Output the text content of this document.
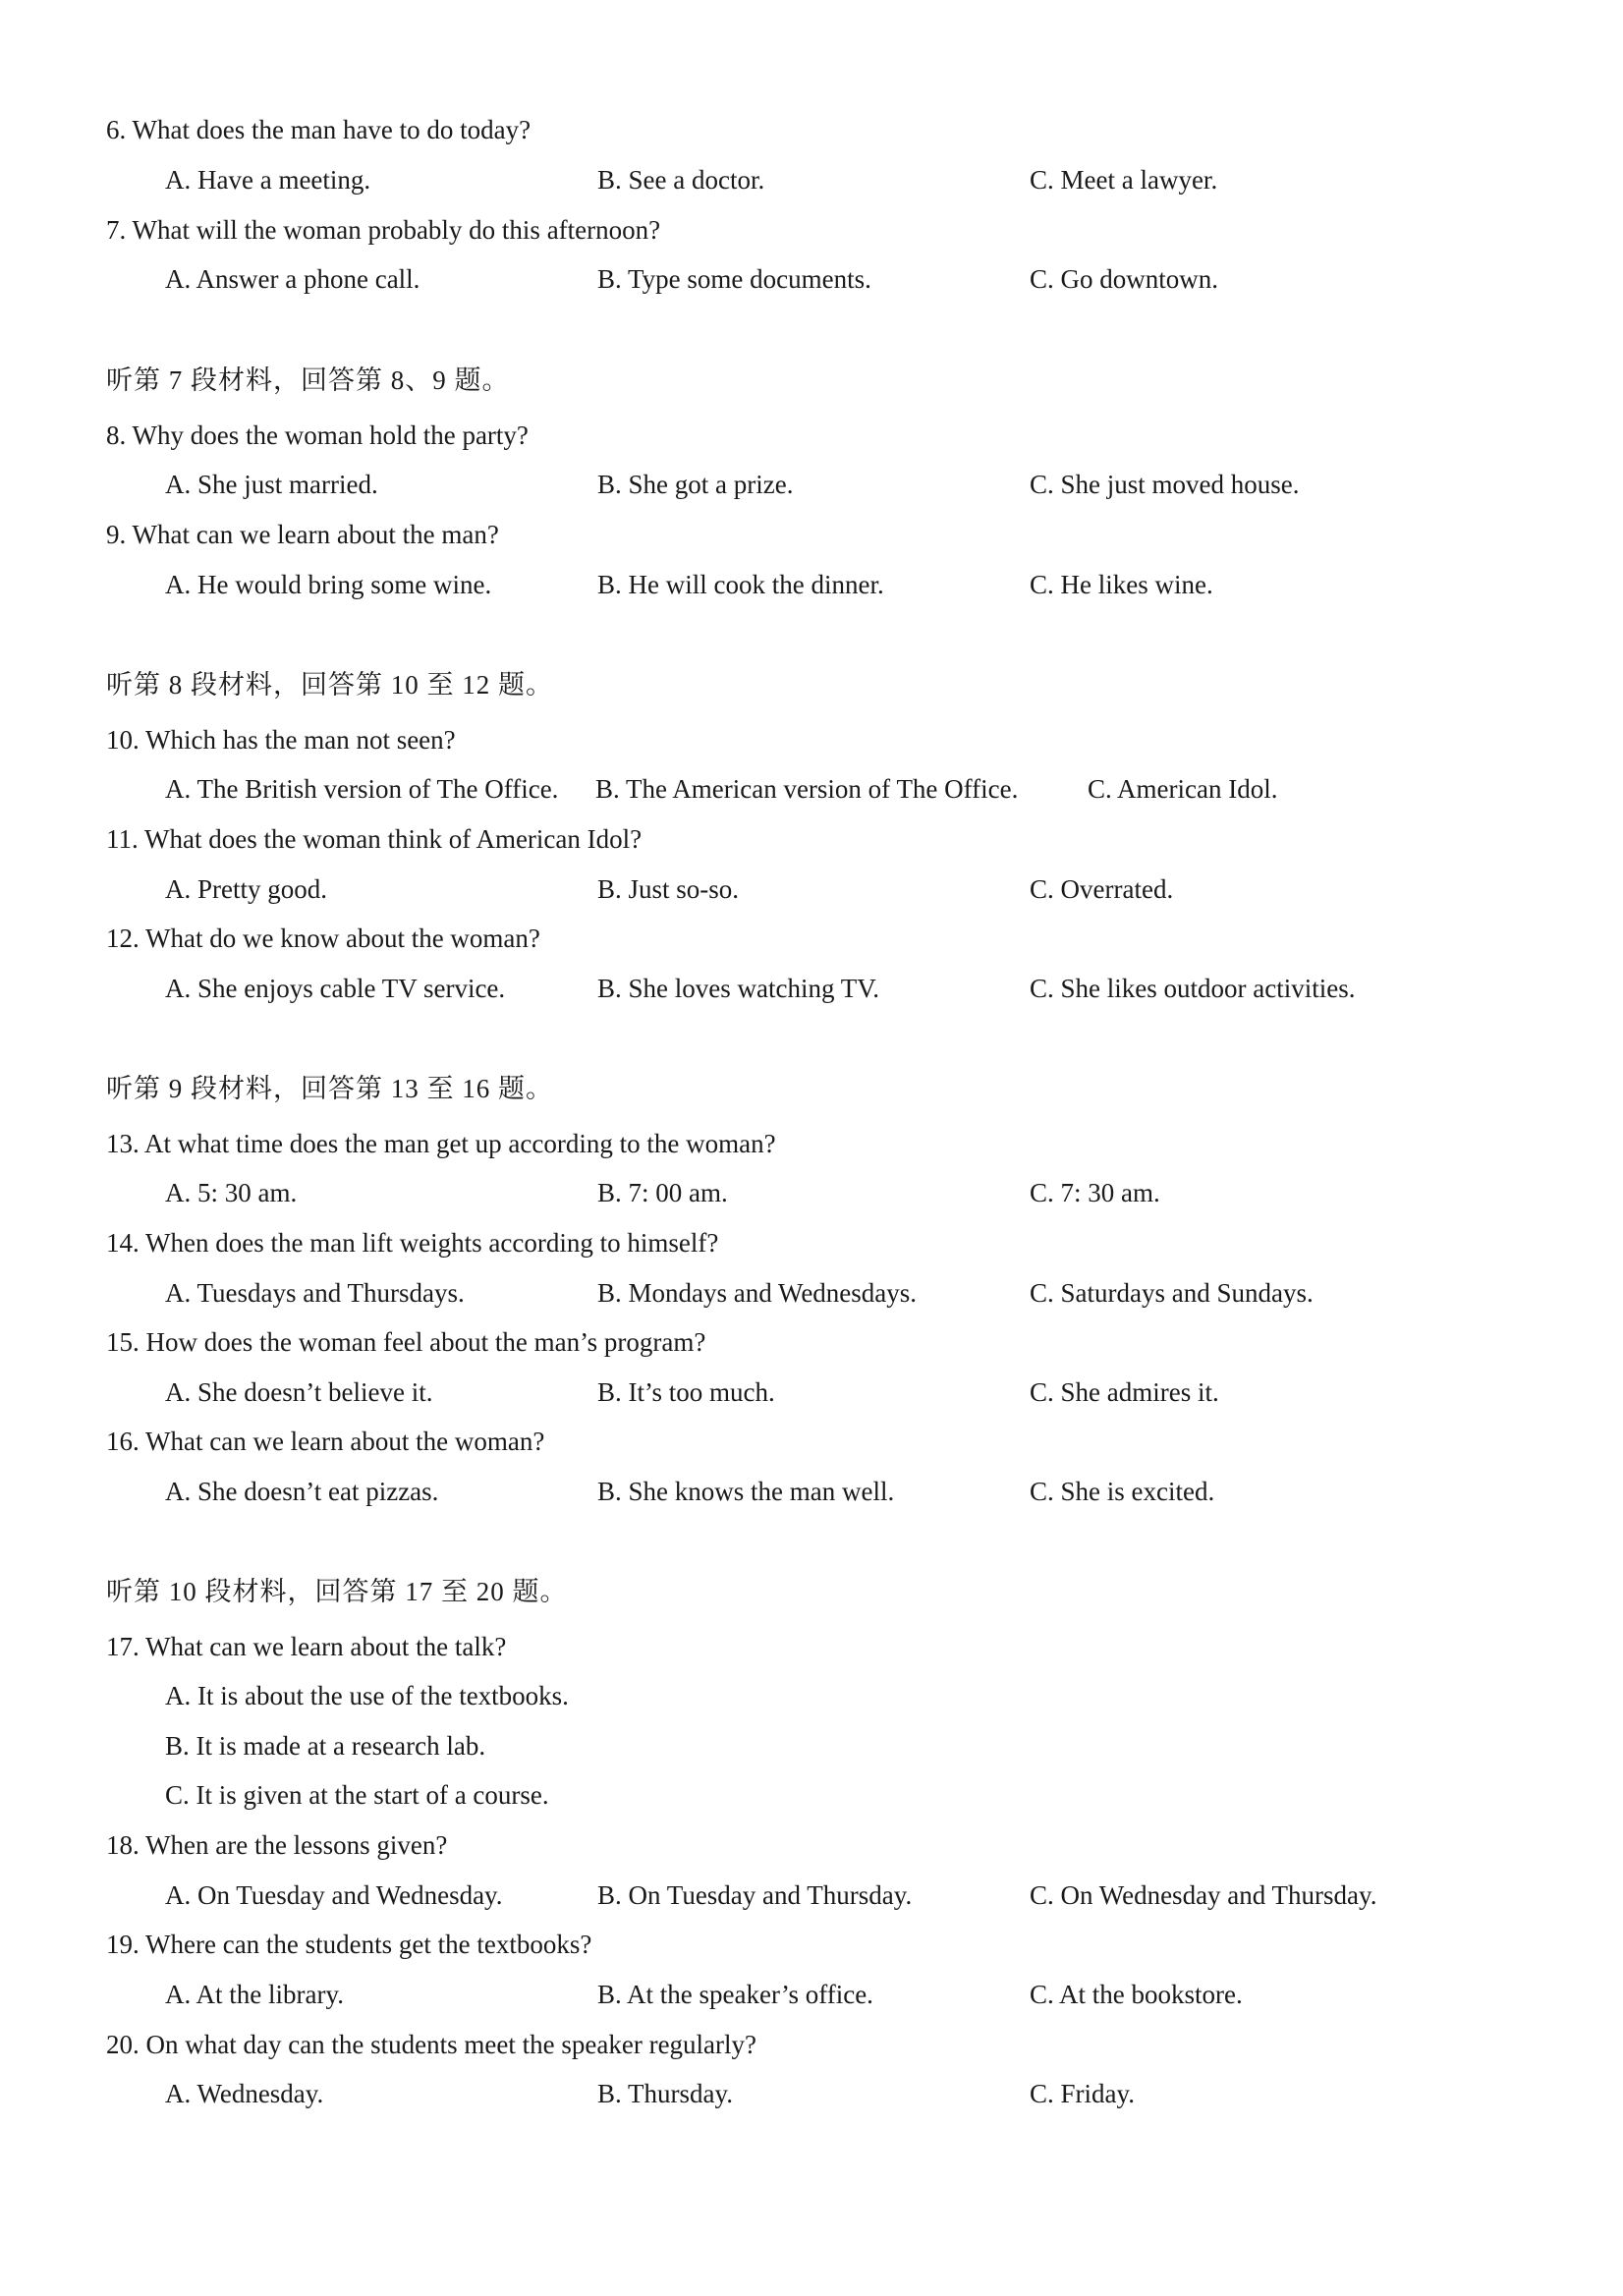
6. What does the man have to do today?
A. Have a meeting.	B. See a doctor.	C. Meet a lawyer.
7. What will the woman probably do this afternoon?
A. Answer a phone call.	B. Type some documents.	C. Go downtown.
听第 7 段材料，回答第 8、9 题。
8. Why does the woman hold the party?
A. She just married.	B. She got a prize.	C. She just moved house.
9. What can we learn about the man?
A. He would bring some wine.	B. He will cook the dinner.	C. He likes wine.
听第 8 段材料，回答第 10 至 12 题。
10. Which has the man not seen?
A. The British version of The Office. B. The American version of The Office.	C. American Idol.
11. What does the woman think of American Idol?
A. Pretty good.	B. Just so-so.	C. Overrated.
12. What do we know about the woman?
A. She enjoys cable TV service.	B. She loves watching TV.	C. She likes outdoor activities.
听第 9 段材料，回答第 13 至 16 题。
13. At what time does the man get up according to the woman?
A. 5: 30 am.	B. 7: 00 am.	C. 7: 30 am.
14. When does the man lift weights according to himself?
A. Tuesdays and Thursdays.	B. Mondays and Wednesdays.	C. Saturdays and Sundays.
15. How does the woman feel about the man’s program?
A. She doesn’t believe it.	B. It’s too much.	C. She admires it.
16. What can we learn about the woman?
A. She doesn’t eat pizzas.	B. She knows the man well.	C. She is excited.
听第 10 段材料，回答第 17 至 20 题。
17. What can we learn about the talk?
A. It is about the use of the textbooks.
B. It is made at a research lab.
C. It is given at the start of a course.
18. When are the lessons given?
A. On Tuesday and Wednesday.	B. On Tuesday and Thursday.	C. On Wednesday and Thursday.
19. Where can the students get the textbooks?
A. At the library.	B. At the speaker’s office.	C. At the bookstore.
20. On what day can the students meet the speaker regularly?
A. Wednesday.	B. Thursday.	C. Friday.
